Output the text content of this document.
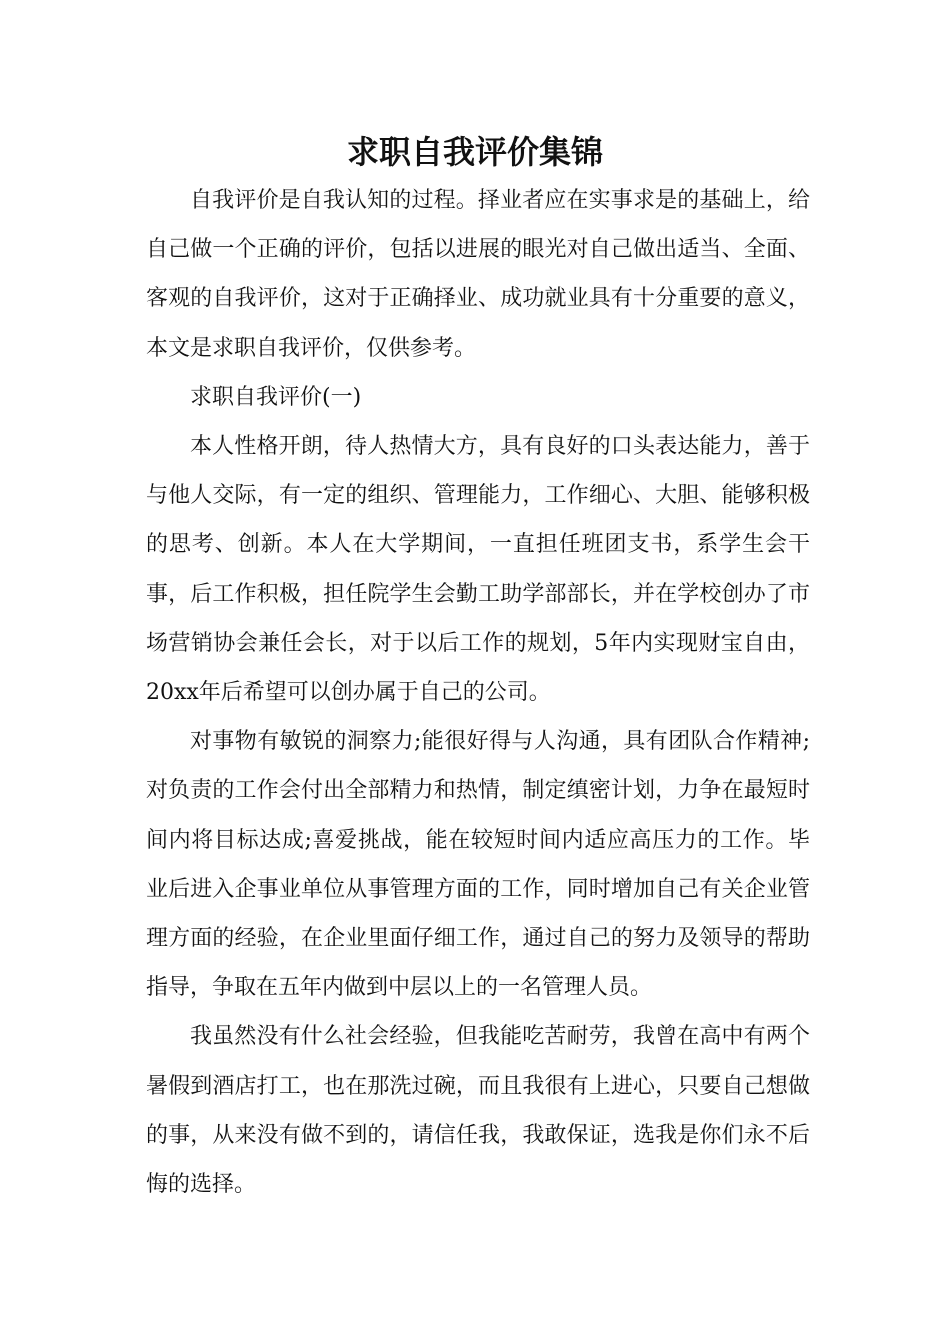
求职自我评价集锦

自我评价是自我认知的过程。择业者应在实事求是的基础上，给自己做一个正确的评价，包括以进展的眼光对自己做出适当、全面、客观的自我评价，这对于正确择业、成功就业具有十分重要的意义，本文是求职自我评价，仅供参考。

求职自我评价(一)

本人性格开朗，待人热情大方，具有良好的口头表达能力，善于与他人交际，有一定的组织、管理能力，工作细心、大胆、能够积极的思考、创新。本人在大学期间，一直担任班团支书，系学生会干事，后工作积极，担任院学生会勤工助学部部长，并在学校创办了市场营销协会兼任会长，对于以后工作的规划，5年内实现财宝自由，20xx年后希望可以创办属于自己的公司。

对事物有敏锐的洞察力;能很好得与人沟通，具有团队合作精神;对负责的工作会付出全部精力和热情，制定缜密计划，力争在最短时间内将目标达成;喜爱挑战，能在较短时间内适应高压力的工作。毕业后进入企事业单位从事管理方面的工作，同时增加自己有关企业管理方面的经验，在企业里面仔细工作，通过自己的努力及领导的帮助指导，争取在五年内做到中层以上的一名管理人员。

我虽然没有什么社会经验，但我能吃苦耐劳，我曾在高中有两个暑假到酒店打工，也在那洗过碗，而且我很有上进心，只要自己想做的事，从来没有做不到的，请信任我，我敢保证，选我是你们永不后悔的选择。
